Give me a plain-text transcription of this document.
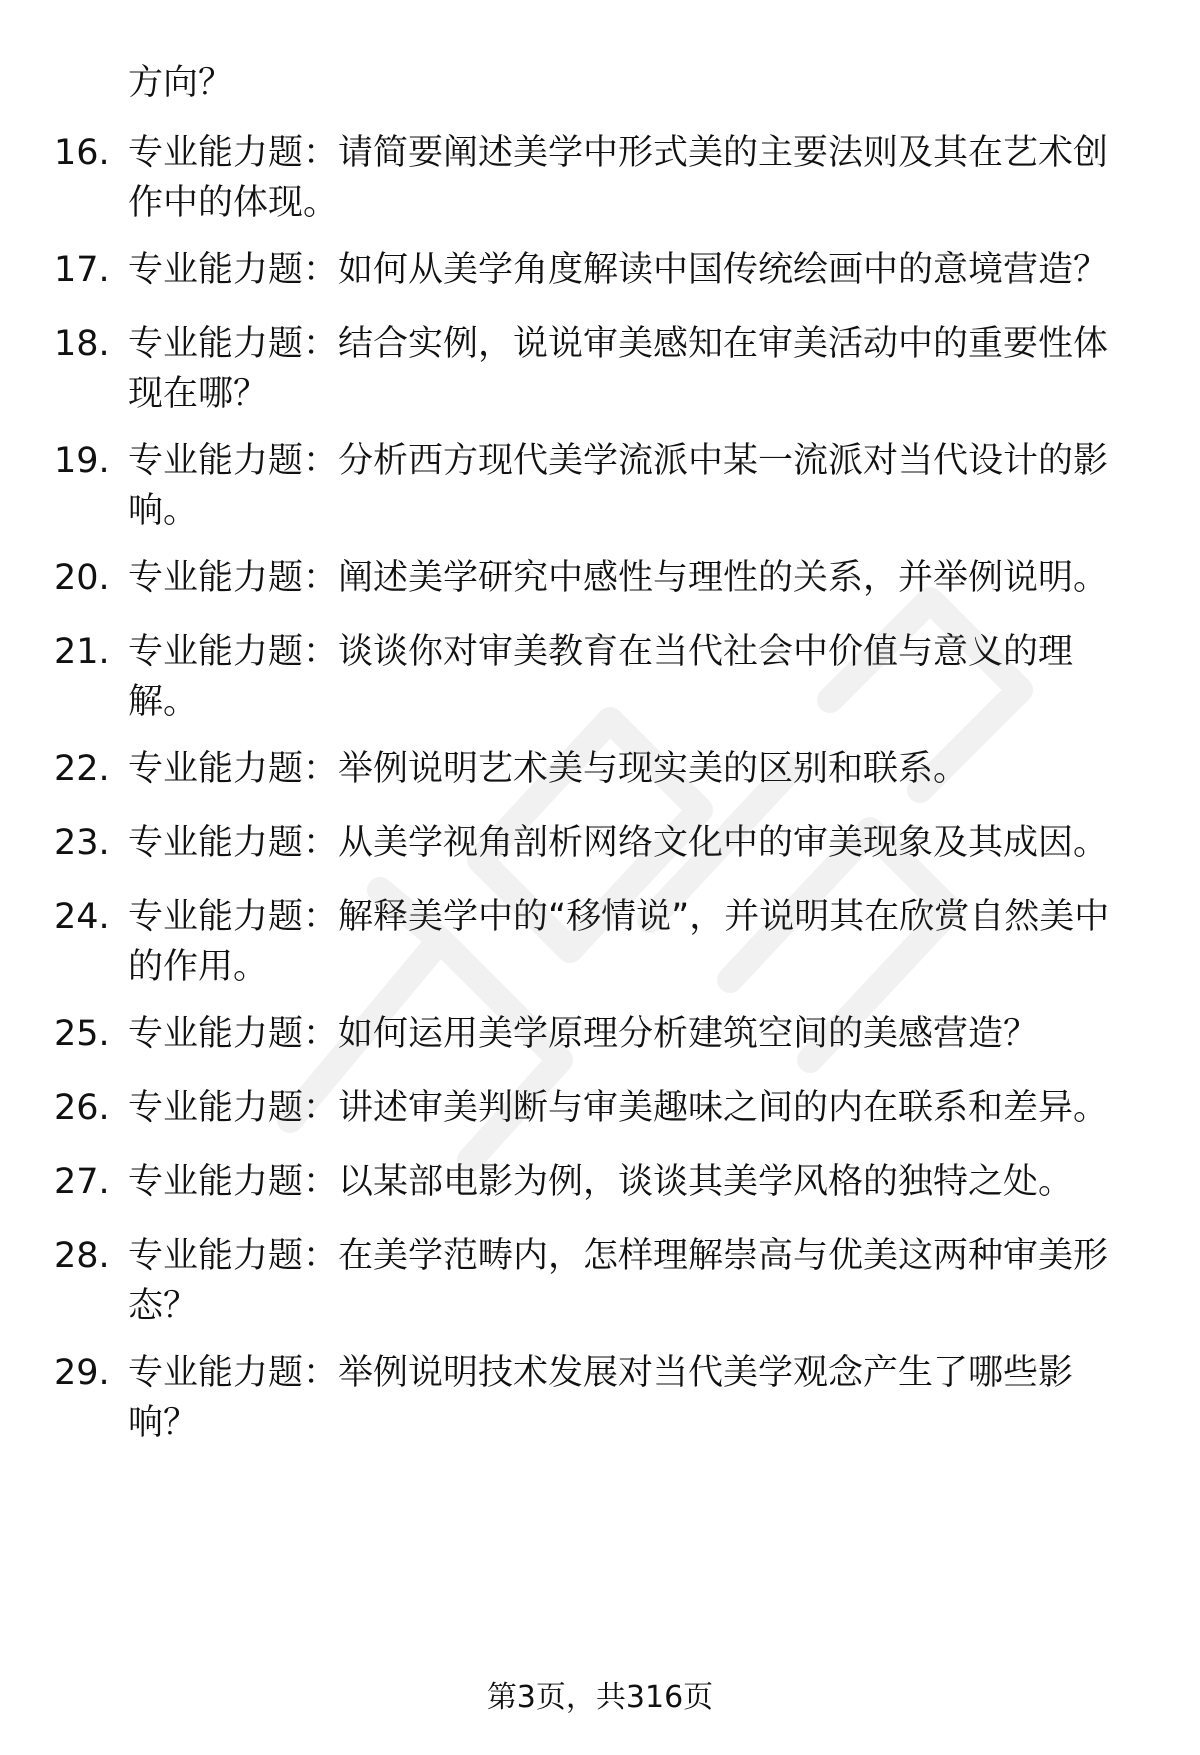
方向？

16. 专业能力题：请简要阐述美学中形式美的主要法则及其在艺术创作中的体现。

17. 专业能力题：如何从美学角度解读中国传统绘画中的意境营造？

18. 专业能力题：结合实例，说说审美感知在审美活动中的重要性体现在哪？

19. 专业能力题：分析西方现代美学流派中某一流派对当代设计的影响。

20. 专业能力题：阐述美学研究中感性与理性的关系，并举例说明。

21. 专业能力题：谈谈你对审美教育在当代社会中价值与意义的理解。

22. 专业能力题：举例说明艺术美与现实美的区别和联系。

23. 专业能力题：从美学视角剖析网络文化中的审美现象及其成因。

24. 专业能力题：解释美学中的“移情说”，并说明其在欣赏自然美中的作用。

25. 专业能力题：如何运用美学原理分析建筑空间的美感营造？

26. 专业能力题：讲述审美判断与审美趣味之间的内在联系和差异。

27. 专业能力题：以某部电影为例，谈谈其美学风格的独特之处。

28. 专业能力题：在美学范畴内，怎样理解崇高与优美这两种审美形态？

29. 专业能力题：举例说明技术发展对当代美学观念产生了哪些影响？

第3页，共316页
